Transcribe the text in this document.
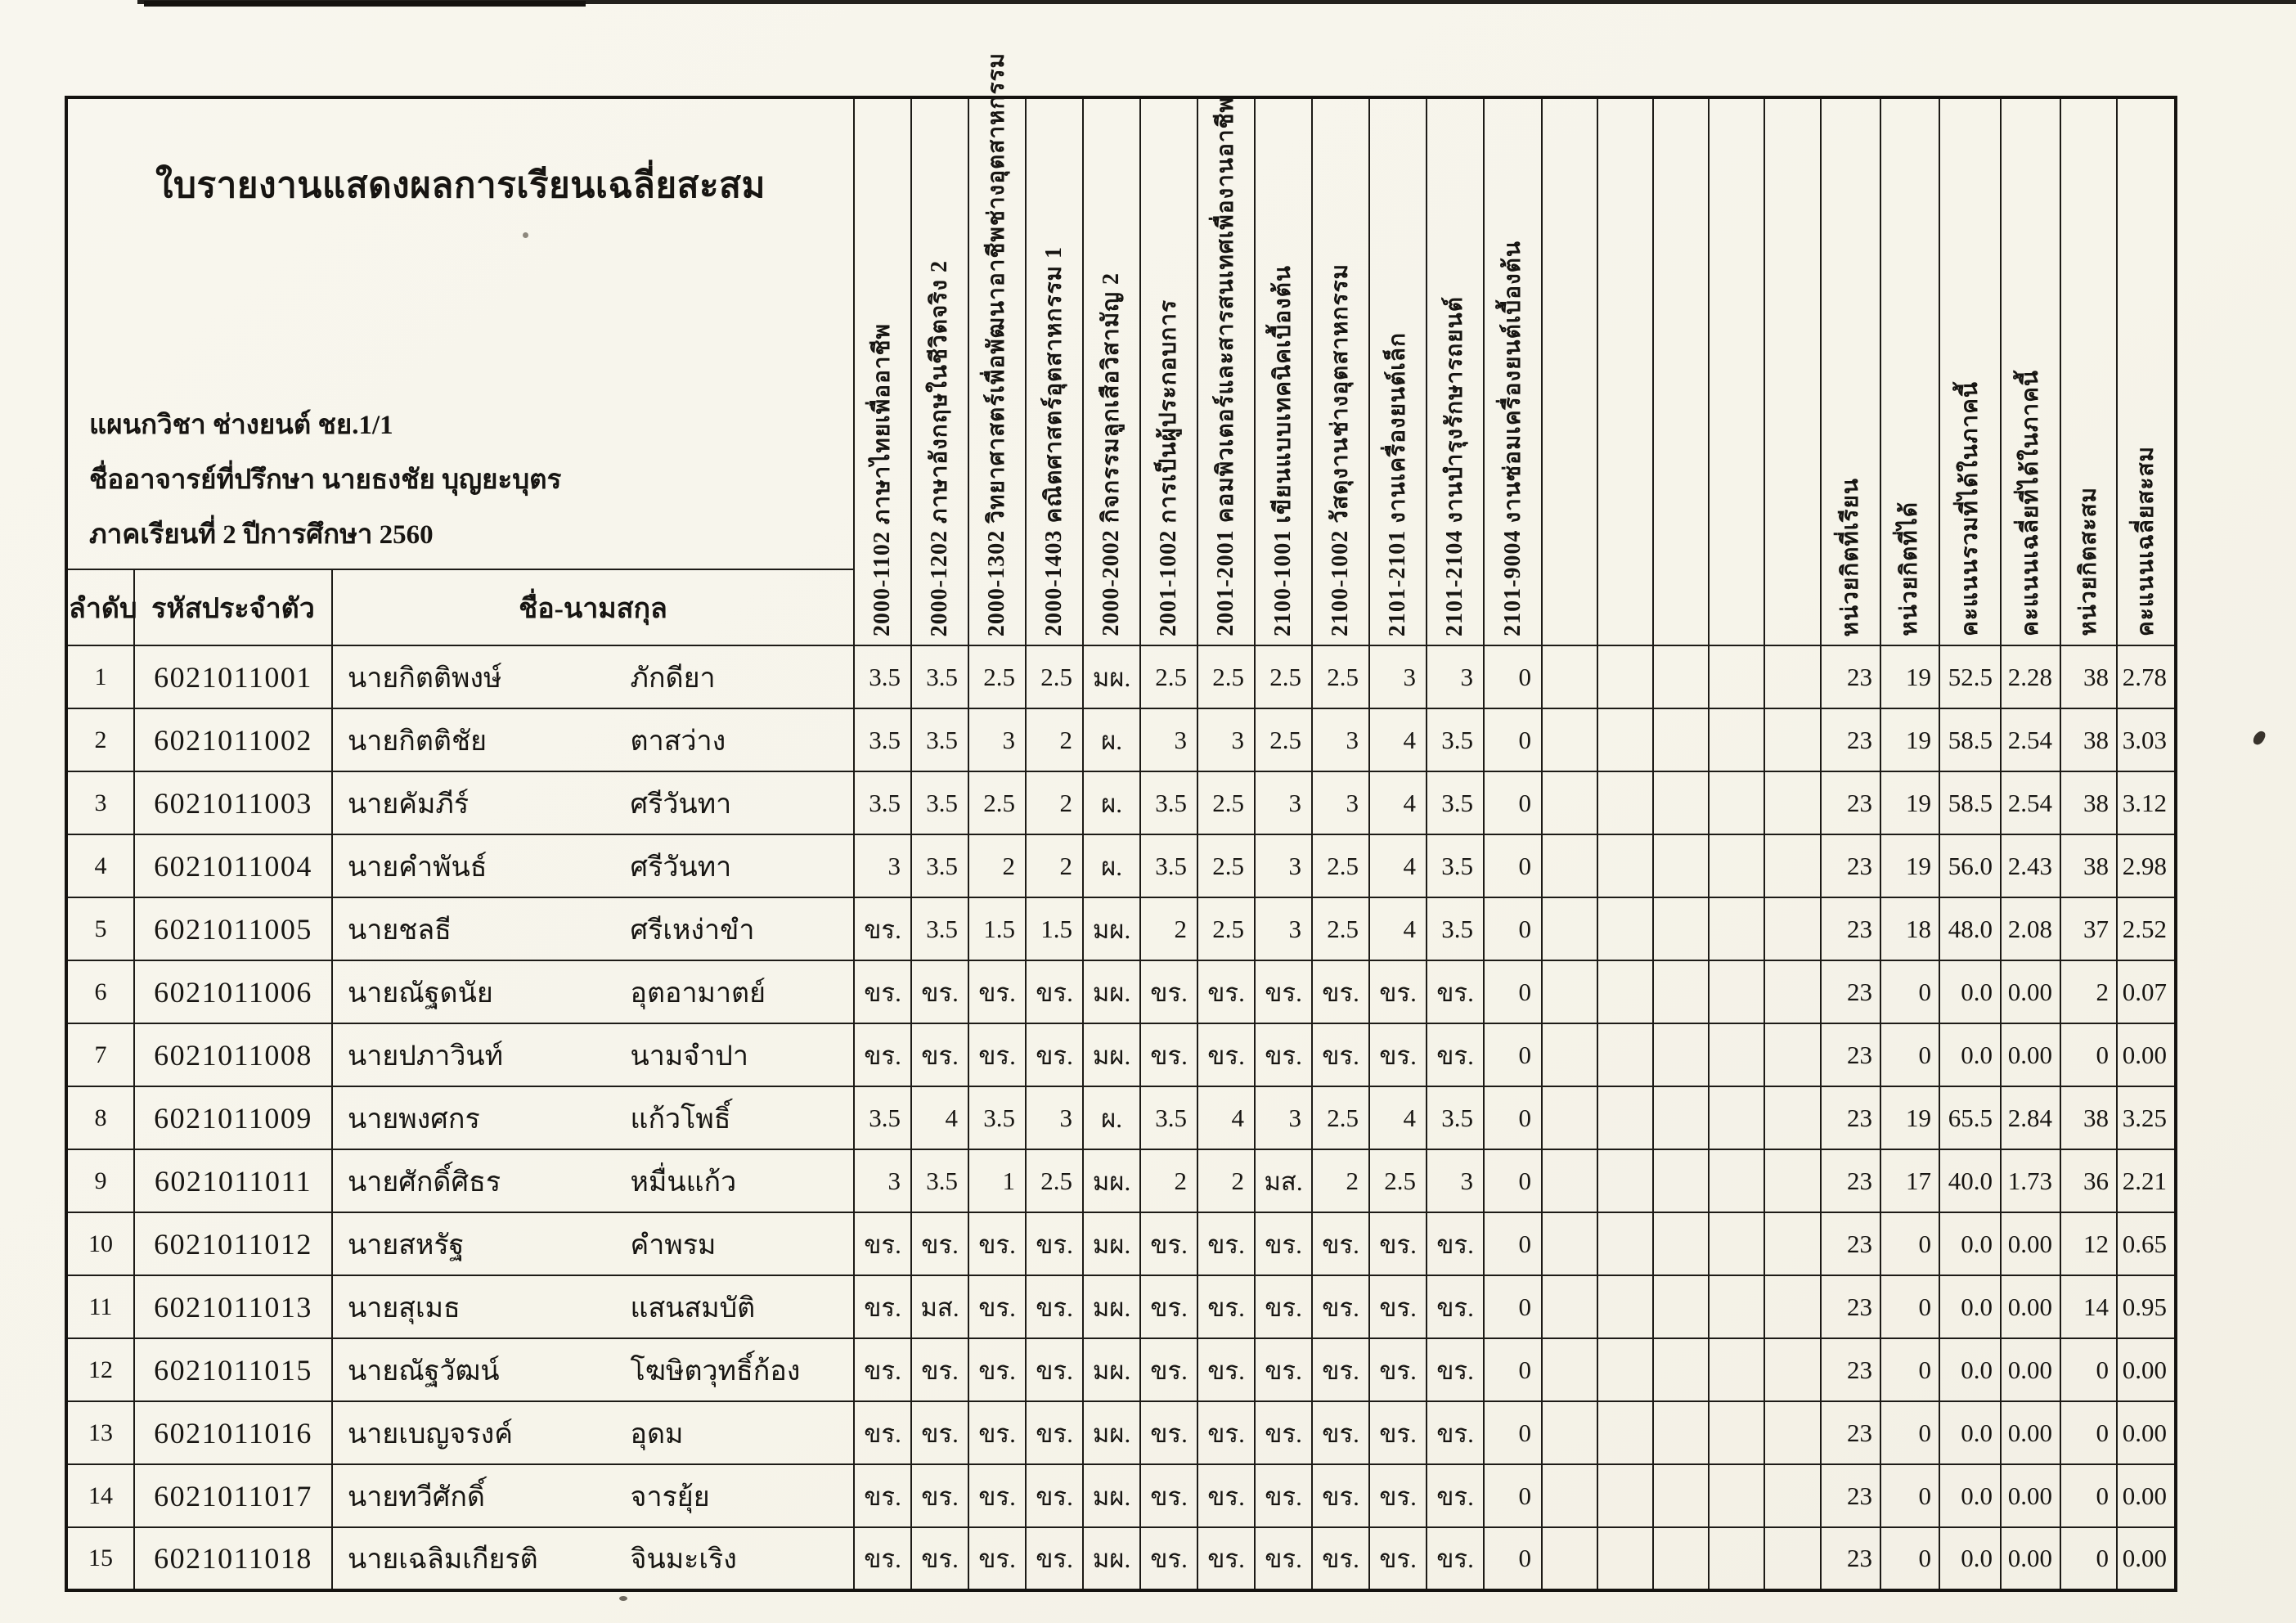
ใบรายงานแสดงผลการเรียนเฉลี่ยสะสม
แผนกวิชา ช่างยนต์ ชย.1/1
ชื่ออาจารย์ที่ปรึกษา นายธงชัย บุญยะบุตร
ภาคเรียนที่ 2 ปีการศึกษา 2560			2000-1102 ภาษาไทยเพื่ออาชีพ	2000-1202 ภาษาอังกฤษในชีวิตจริง 2	2000-1302 วิทยาศาสตร์เพื่อพัฒนาอาชีพช่างอุตสาหกรรม	2000-1403 คณิตศาสตร์อุตสาหกรรม 1	2000-2002 กิจกรรมลูกเสือวิสามัญ 2	2001-1002 การเป็นผู้ประกอบการ	2001-2001 คอมพิวเตอร์และสารสนเทศเพื่องานอาชีพ	2100-1001 เขียนแบบเทคนิคเบื้องต้น	2100-1002 วัสดุงานช่างอุตสาหกรรม	2101-2101 งานเครื่องยนต์เล็ก	2101-2104 งานบำรุงรักษารถยนต์	2101-9004 งานซ่อมเครื่องยนต์เบื้องต้น						หน่วยกิตที่เรียน	หน่วยกิตที่ได้	คะแนนรวมที่ได้ในภาคนี้	คะแนนเฉลี่ยที่ได้ในภาคนี้	หน่วยกิตสะสม	คะแนนเฉลี่ยสะสม

ลำดับ	รหัสประจำตัว	ชื่อ-นามสกุล																							
1	6021011001	นายกิตติพงษ์ ภักดียา	3.5	3.5	2.5	2.5	มผ.	2.5	2.5	2.5	2.5	3	3	0						23	19	52.5	2.28	38	2.78
2	6021011002	นายกิตติชัย ตาสว่าง	3.5	3.5	3	2	ผ.	3	3	2.5	3	4	3.5	0						23	19	58.5	2.54	38	3.03
3	6021011003	นายคัมภีร์ ศรีวันทา	3.5	3.5	2.5	2	ผ.	3.5	2.5	3	3	4	3.5	0						23	19	58.5	2.54	38	3.12
4	6021011004	นายคำพันธ์ ศรีวันทา	3	3.5	2	2	ผ.	3.5	2.5	3	2.5	4	3.5	0						23	19	56.0	2.43	38	2.98
5	6021011005	นายชลธี ศรีเหง่าขำ	ขร.	3.5	1.5	1.5	มผ.	2	2.5	3	2.5	4	3.5	0						23	18	48.0	2.08	37	2.52
6	6021011006	นายณัฐดนัย อุตอามาตย์	ขร.	ขร.	ขร.	ขร.	มผ.	ขร.	ขร.	ขร.	ขร.	ขร.	ขร.	0						23	0	0.0	0.00	2	0.07
7	6021011008	นายปภาวินท์ นามจำปา	ขร.	ขร.	ขร.	ขร.	มผ.	ขร.	ขร.	ขร.	ขร.	ขร.	ขร.	0						23	0	0.0	0.00	0	0.00
8	6021011009	นายพงศกร แก้วโพธิ์	3.5	4	3.5	3	ผ.	3.5	4	3	2.5	4	3.5	0						23	19	65.5	2.84	38	3.25
9	6021011011	นายศักดิ์ศิธร หมื่นแก้ว	3	3.5	1	2.5	มผ.	2	2	มส.	2	2.5	3	0						23	17	40.0	1.73	36	2.21
10	6021011012	นายสหรัฐ คำพรม	ขร.	ขร.	ขร.	ขร.	มผ.	ขร.	ขร.	ขร.	ขร.	ขร.	ขร.	0						23	0	0.0	0.00	12	0.65
11	6021011013	นายสุเมธ แสนสมบัติ	ขร.	มส.	ขร.	ขร.	มผ.	ขร.	ขร.	ขร.	ขร.	ขร.	ขร.	0						23	0	0.0	0.00	14	0.95
12	6021011015	นายณัฐวัฒน์ โฆษิตวุทธิ์ก้อง	ขร.	ขร.	ขร.	ขร.	มผ.	ขร.	ขร.	ขร.	ขร.	ขร.	ขร.	0						23	0	0.0	0.00	0	0.00
13	6021011016	นายเบญจรงค์ อุดม	ขร.	ขร.	ขร.	ขร.	มผ.	ขร.	ขร.	ขร.	ขร.	ขร.	ขร.	0						23	0	0.0	0.00	0	0.00
14	6021011017	นายทวีศักดิ์ จารยุ้ย	ขร.	ขร.	ขร.	ขร.	มผ.	ขร.	ขร.	ขร.	ขร.	ขร.	ขร.	0						23	0	0.0	0.00	0	0.00
15	6021011018	นายเฉลิมเกียรติ จินมะเริง	ขร.	ขร.	ขร.	ขร.	มผ.	ขร.	ขร.	ขร.	ขร.	ขร.	ขร.	0						23	0	0.0	0.00	0	0.00
